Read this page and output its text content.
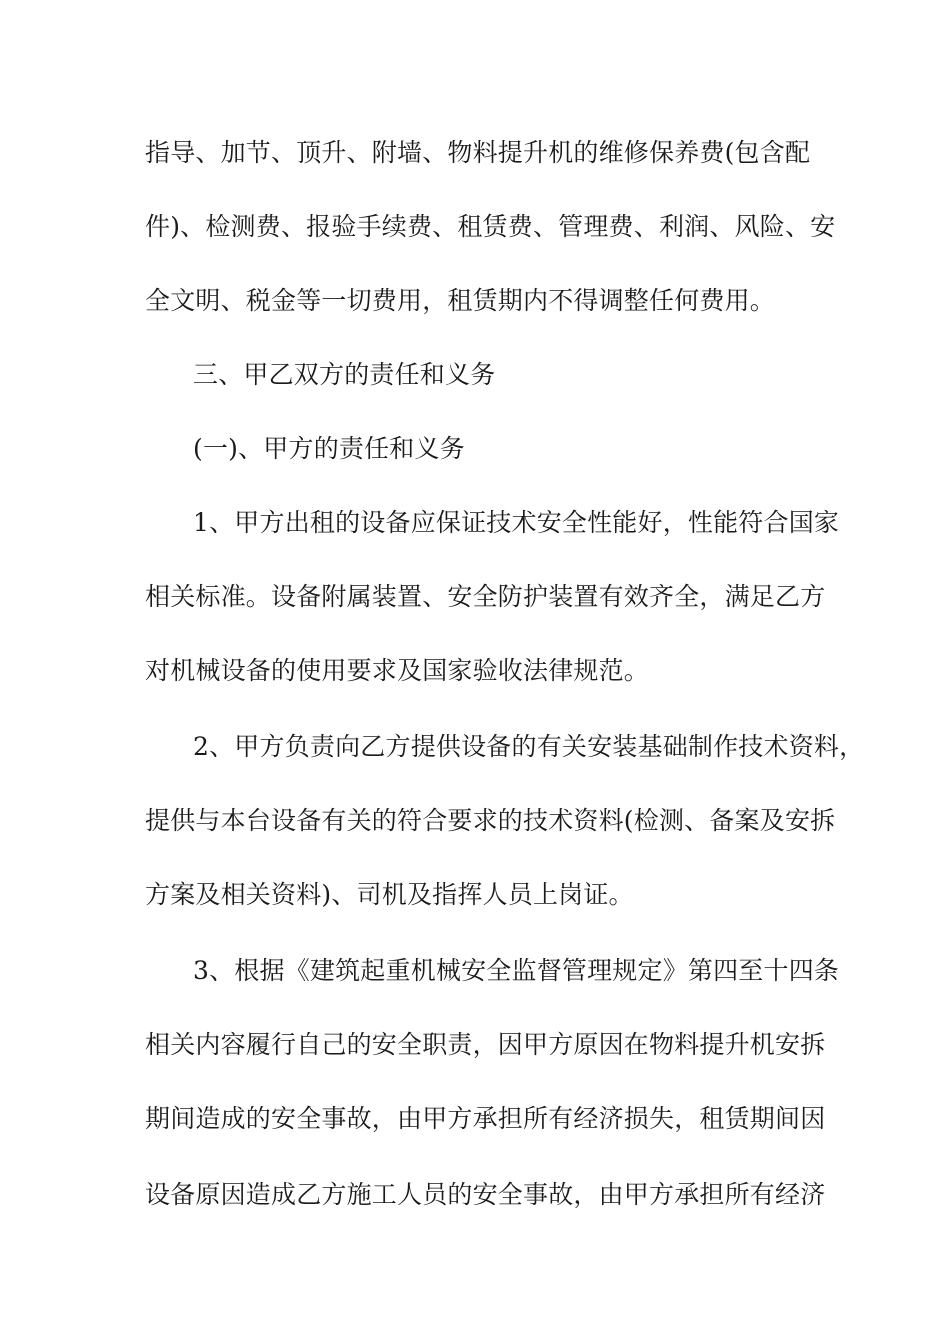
指导、加节、顶升、附墙、物料提升机的维修保养费(包含配

件)、检测费、报验手续费、租赁费、管理费、利润、风险、安

全文明、税金等一切费用，租赁期内不得调整任何费用。

三、甲乙双方的责任和义务

(一)、甲方的责任和义务

1、甲方出租的设备应保证技术安全性能好，性能符合国家

相关标准。设备附属装置、安全防护装置有效齐全，满足乙方

对机械设备的使用要求及国家验收法律规范。

2、甲方负责向乙方提供设备的有关安装基础制作技术资料，

提供与本台设备有关的符合要求的技术资料(检测、备案及安拆

方案及相关资料)、司机及指挥人员上岗证。

3、根据《建筑起重机械安全监督管理规定》第四至十四条

相关内容履行自己的安全职责，因甲方原因在物料提升机安拆

期间造成的安全事故，由甲方承担所有经济损失，租赁期间因

设备原因造成乙方施工人员的安全事故，由甲方承担所有经济
